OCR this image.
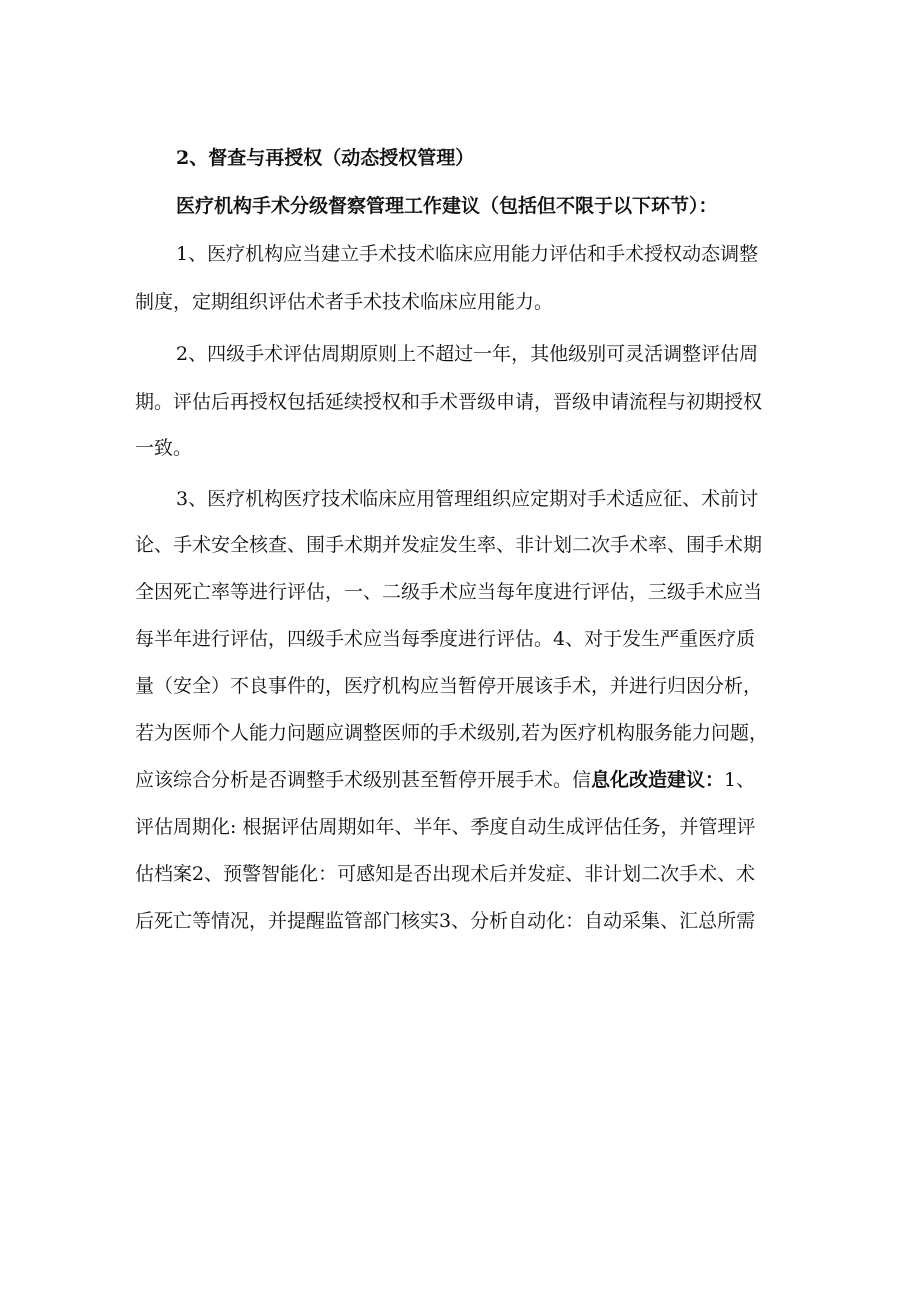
2、督查与再授权（动态授权管理）
医疗机构手术分级督察管理工作建议（包括但不限于以下环节）：
1、医疗机构应当建立手术技术临床应用能力评估和手术授权动态调整
制度，定期组织评估术者手术技术临床应用能力。
2、四级手术评估周期原则上不超过一年，其他级别可灵活调整评估周
期。评估后再授权包括延续授权和手术晋级申请，晋级申请流程与初期授权
一致。
3、医疗机构医疗技术临床应用管理组织应定期对手术适应征、术前讨
论、手术安全核查、围手术期并发症发生率、非计划二次手术率、围手术期
全因死亡率等进行评估，一、二级手术应当每年度进行评估，三级手术应当
每半年进行评估，四级手术应当每季度进行评估。4、对于发生严重医疗质
量（安全）不良事件的，医疗机构应当暂停开展该手术，并进行归因分析，
若为医师个人能力问题应调整医师的手术级别,若为医疗机构服务能力问题，
应该综合分析是否调整手术级别甚至暂停开展手术。信息化改造建议：1、
评估周期化: 根据评估周期如年、半年、季度自动生成评估任务，并管理评
估档案2、预警智能化：可感知是否出现术后并发症、非计划二次手术、术
后死亡等情况，并提醒监管部门核实3、分析自动化：自动采集、汇总所需
